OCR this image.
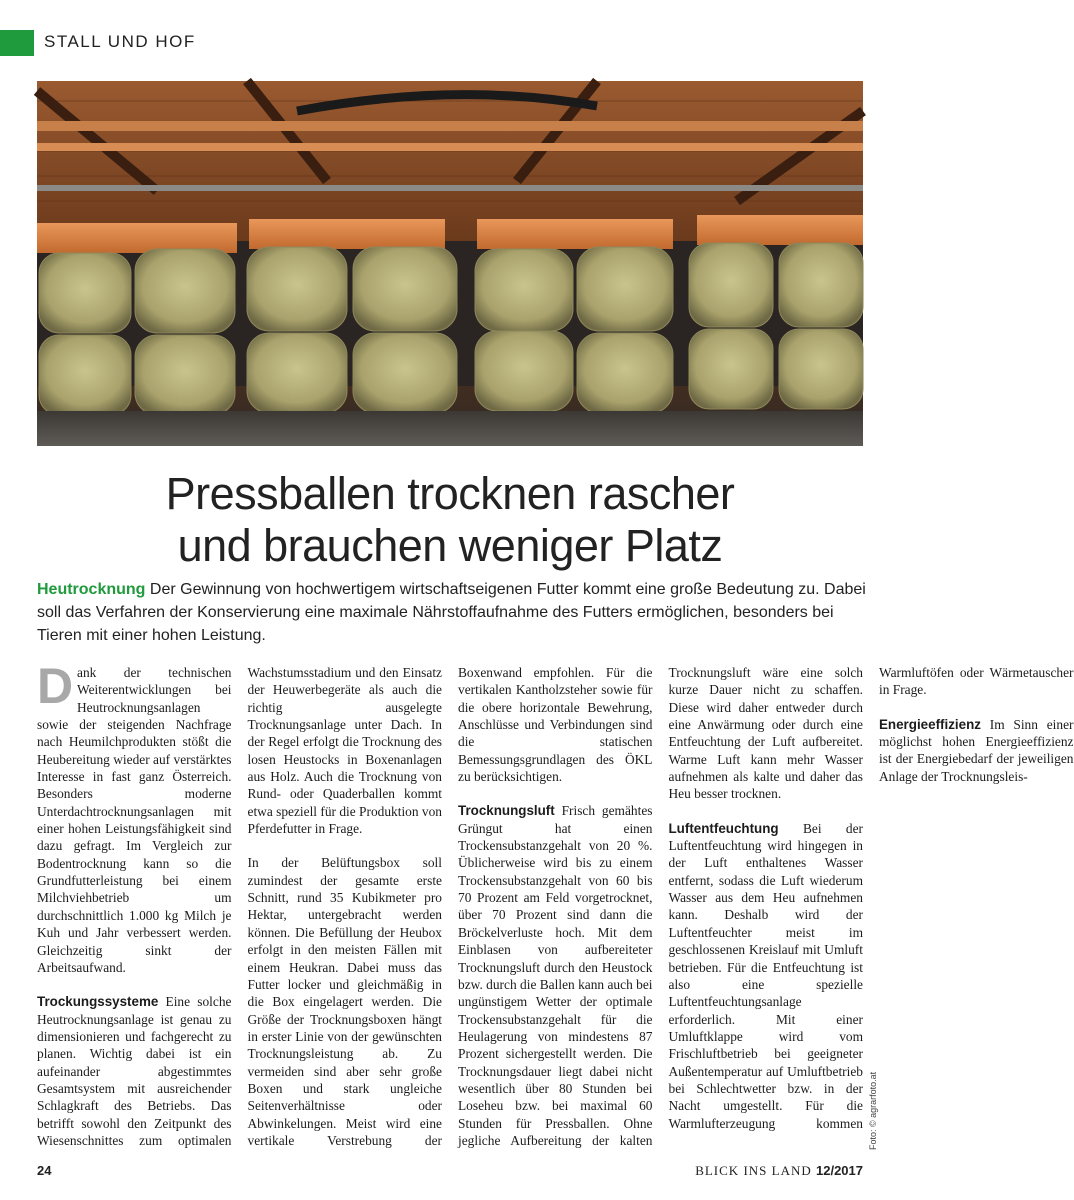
STALL UND HOF
Foto: © agrarfoto.at
Pressballen trocknen rascher
und brauchen weniger Platz
Heutrocknung Der Gewinnung von hochwertigem wirtschaftseigenen Futter kommt eine große Bedeutung zu. Dabei soll das Verfahren der Konservierung eine maximale Nährstoffaufnahme des Futters ermöglichen, besonders bei Tieren mit einer hohen Leistung.

Dank der technischen Weiterentwicklungen bei Heutrocknungsanlagen sowie der steigenden Nachfrage nach Heumilchprodukten stößt die Heubereitung wieder auf verstärktes Interesse in fast ganz Österreich. Besonders moderne Unterdachtrocknungsanlagen mit einer hohen Leistungsfähigkeit sind dazu gefragt. Im Vergleich zur Bodentrocknung kann so die Grundfutterleistung bei einem Milchviehbetrieb um durchschnittlich 1.000 kg Milch je Kuh und Jahr verbessert werden. Gleichzeitig sinkt der Arbeitsaufwand.

Trockungssysteme Eine solche Heutrocknungsanlage ist genau zu dimensionieren und fachgerecht zu planen. Wichtig dabei ist ein aufeinander abgestimmtes Gesamtsystem mit ausreichender Schlagkraft des Betriebs. Das betrifft sowohl den Zeitpunkt des Wiesenschnittes zum optimalen Wachstumsstadium und den Einsatz der Heuwerbegeräte als auch die richtig ausgelegte Trocknungsanlage unter Dach. In der Regel erfolgt die Trocknung des losen Heustocks in Boxenanlagen aus Holz. Auch die Trocknung von Rund- oder Quaderballen kommt etwa speziell für die Produktion von Pferdefutter in Frage.

In der Belüftungsbox soll zumindest der gesamte erste Schnitt, rund 35 Kubikmeter pro Hektar, untergebracht werden können. Die Befüllung der Heubox erfolgt in den meisten Fällen mit einem Heukran. Dabei muss das Futter locker und gleichmäßig in die Box eingelagert werden. Die Größe der Trocknungsboxen hängt in erster Linie von der gewünschten Trocknungsleistung ab. Zu vermeiden sind aber sehr große Boxen und stark ungleiche Seitenverhältnisse oder Abwinkelungen. Meist wird eine vertikale Verstrebung der Boxenwand empfohlen. Für die vertikalen Kantholzsteher sowie für die obere horizontale Bewehrung, Anschlüsse und Verbindungen sind die statischen Bemessungsgrundlagen des ÖKL zu berücksichtigen.

Trocknungsluft Frisch gemähtes Grüngut hat einen Trockensubstanzgehalt von 20 %. Üblicherweise wird bis zu einem Trockensubstanzgehalt von 60 bis 70 Prozent am Feld vorgetrocknet, über 70 Prozent sind dann die Bröckelverluste hoch. Mit dem Einblasen von aufbereiteter Trocknungsluft durch den Heustock bzw. durch die Ballen kann auch bei ungünstigem Wetter der optimale Trockensubstanzgehalt für die Heulagerung von mindestens 87 Prozent sichergestellt werden. Die Trocknungsdauer liegt dabei nicht wesentlich über 80 Stunden bei Loseheu bzw. bei maximal 60 Stunden für Pressballen. Ohne jegliche Aufbereitung der kalten Trocknungsluft wäre eine solch kurze Dauer nicht zu schaffen. Diese wird daher entweder durch eine Anwärmung oder durch eine Entfeuchtung der Luft aufbereitet. Warme Luft kann mehr Wasser aufnehmen als kalte und daher das Heu besser trocknen.

Luftentfeuchtung Bei der Luftentfeuchtung wird hingegen in der Luft enthaltenes Wasser entfernt, sodass die Luft wiederum Wasser aus dem Heu aufnehmen kann. Deshalb wird der Luftentfeuchter meist im geschlossenen Kreislauf mit Umluft betrieben. Für die Entfeuchtung ist also eine spezielle Luftentfeuchtungsanlage erforderlich. Mit einer Umluftklappe wird vom Frischluftbetrieb bei geeigneter Außentemperatur auf Umluftbetrieb bei Schlechtwetter bzw. in der Nacht umgestellt. Für die Warmlufterzeugung kommen Warmluftöfen oder Wärmetauscher in Frage.

Energieeffizienz Im Sinn einer möglichst hohen Energieeffizienz ist der Energiebedarf der jeweiligen Anlage der Trocknungsleis-

24	BLICK INS LAND 12/2017
